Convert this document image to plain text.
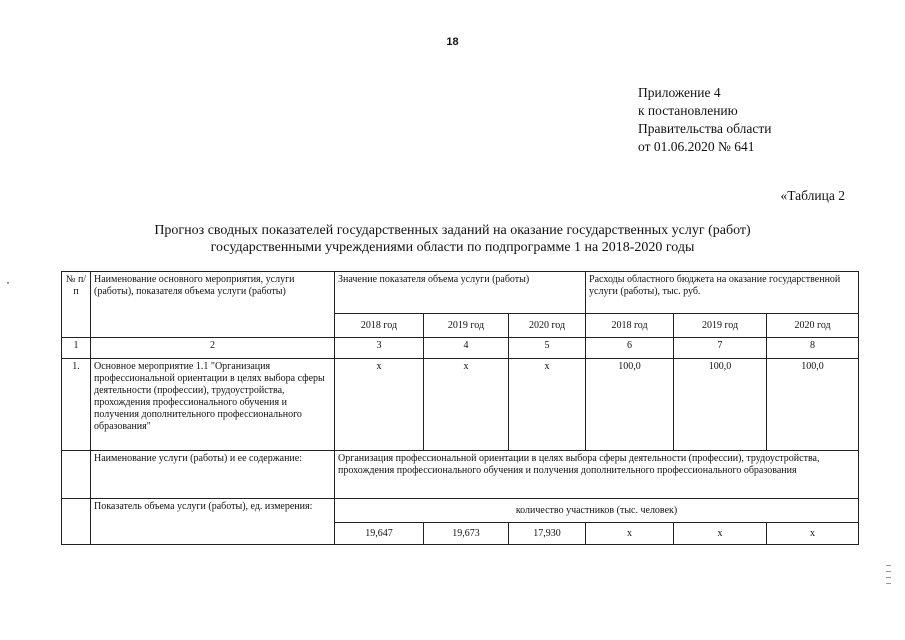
18
Приложение 4
к постановлению
Правительства области
от 01.06.2020 № 641
«Таблица 2
Прогноз сводных показателей государственных заданий на оказание государственных услуг (работ)
государственными учреждениями области по подпрограмме 1 на 2018-2020 годы
№ п/п	Наименование основного мероприятия, услуги (работы), показателя объема услуги (работы)	Значение показателя объема услуги (работы)			Расходы областного бюджета на оказание государственной услуги (работы), тыс. руб.		
		2018 год	2019 год	2020 год	2018 год	2019 год	2020 год
1	2	3	4	5	6	7	8
1.	Основное мероприятие 1.1 "Организация профессиональной ориентации в целях выбора сферы деятельности (профессии), трудоустройства, прохождения профессионального обучения и получения дополнительного профессионального образования"	х	х	х	100,0	100,0	100,0
	Наименование услуги (работы) и ее содержание:	Организация профессиональной ориентации в целях выбора сферы деятельности (профессии), трудоустройства, прохождения профессионального обучения и получения дополнительного профессионального образования					
	Показатель объема услуги (работы), ед. измерения:	количество участников (тыс. человек)					
		19,647	19,673	17,930	х	х	х
